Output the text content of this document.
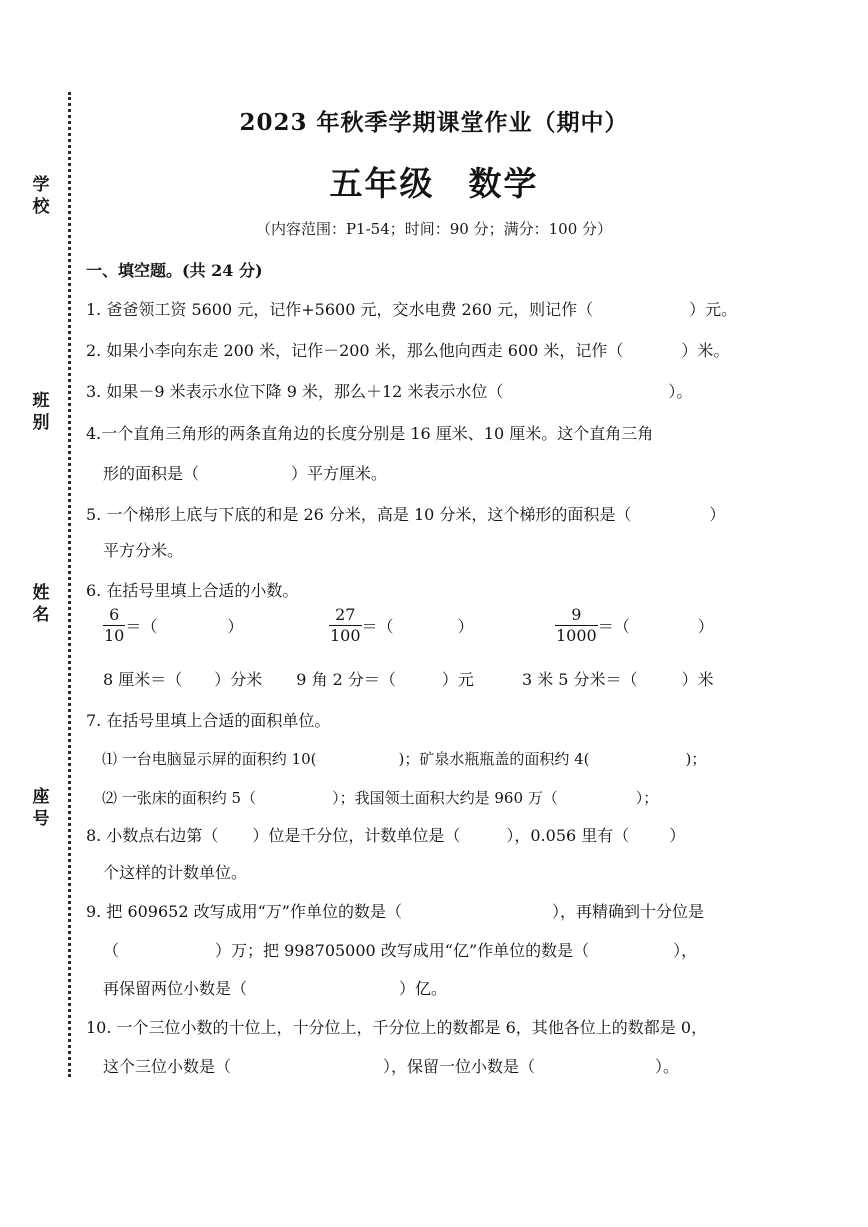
学
校
班
别
姓
名
座
号
2023 年秋季学期课堂作业（期中）
五年级 数学
（内容范围：P1-54；时间：90 分；满分：100 分）
一、填空题。(共 24 分)
1. 爸爸领工资 5600 元，记作+5600 元，交水电费 260 元，则记作（	）元。
2. 如果小李向东走 200 米，记作－200 米，那么他向西走 600 米，记作（	）米。
3. 如果－9 米表示水位下降 9 米，那么＋12 米表示水位（	）。
4.一个直角三角形的两条直角边的长度分别是 16 厘米、10 厘米。这个直角三角
形的面积是（	）平方厘米。
5. 一个梯形上底与下底的和是 26 分米，高是 10 分米，这个梯形的面积是（	）
平方分米。
6. 在括号里填上合适的小数。
$\frac{6}{10}$ ＝（	）	$\frac{27}{100}$ ＝（	）	$\frac{9}{1000}$ ＝（	）
8 厘米＝（ ）分米 9 角 2 分＝（	）元	3 米 5 分米＝（	）米
7. 在括号里填上合适的面积单位。
⑴ 一台电脑显示屏的面积约 10(	)；矿泉水瓶瓶盖的面积约 4(	)；
⑵ 一张床的面积约 5（	）；我国领土面积大约是 960 万（	）；
8. 小数点右边第（ ）位是千分位，计数单位是（	），0.056 里有（	）
个这样的计数单位。
9. 把 609652 改写成用“万”作单位的数是（	），再精确到十分位是
（	）万；把 998705000 改写成用“亿”作单位的数是（	），
再保留两位小数是（	）亿。
10. 一个三位小数的十位上，十分位上，千分位上的数都是 6，其他各位上的数都是 0，
这个三位小数是（	），保留一位小数是（	）。
